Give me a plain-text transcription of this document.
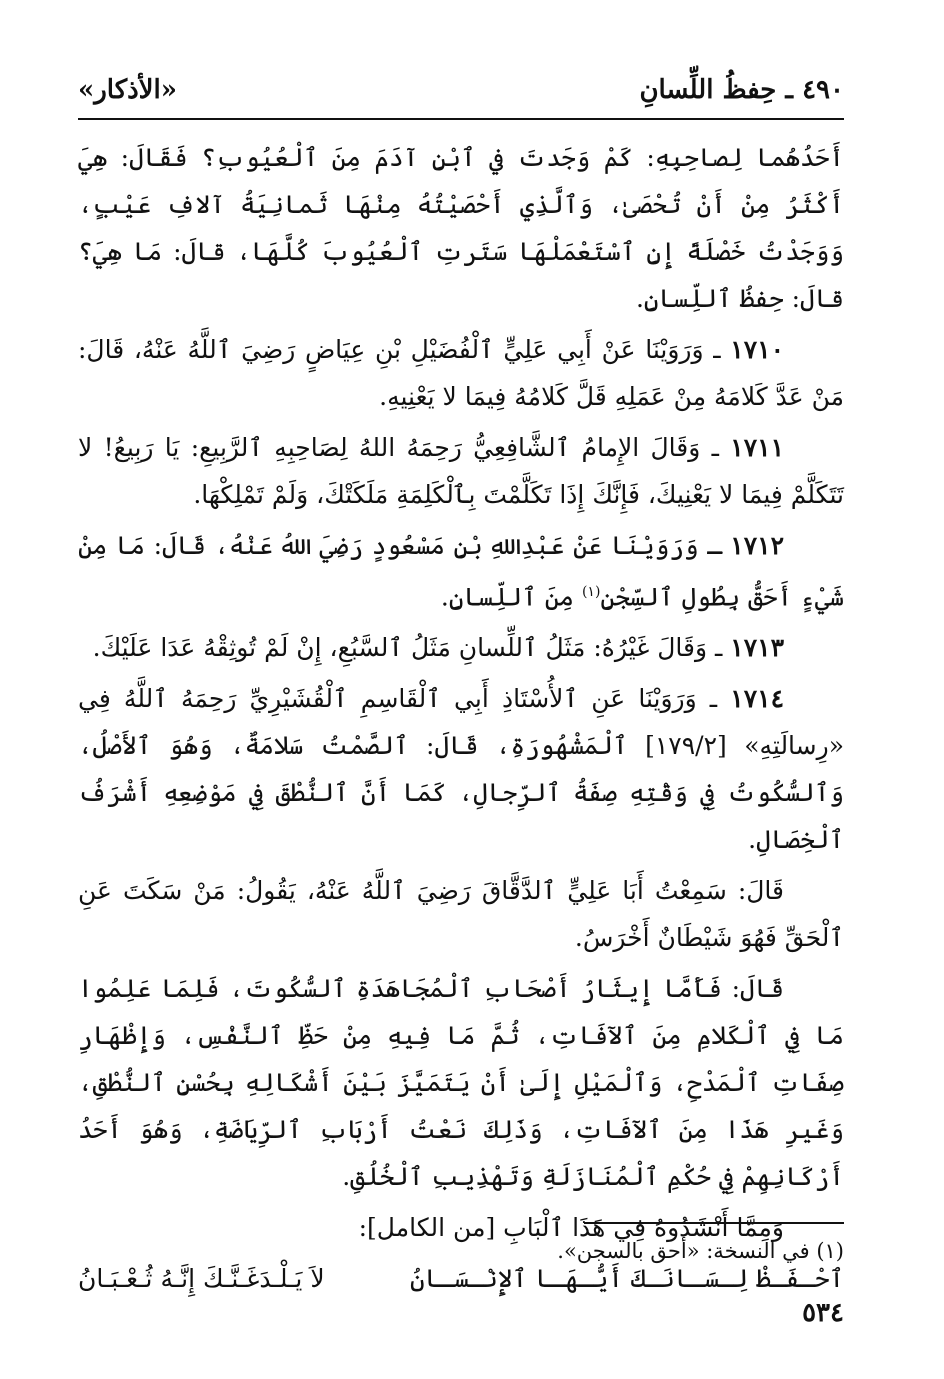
٤٩٠ ـ حِفظُ اللِّسانِ
«الأذكار»

أَحَدُهُما لِصاحِبِهِ: كَمْ وَجَدتَ في ٱبْنِ آدَمَ مِنَ ٱلْعُيُوبِ؟ فَقَالَ: هِيَ أَكْثَرُ مِنْ أَنْ تُحْصَىٰ، وَٱلَّذِي أَحْصَيْتُهُ مِنْهَا ثَمانِيَةُ آلافِ عَيْبٍ، وَوَجَدْتُ خَصْلَةً إِنِ ٱسْتَعْمَلْهَا سَتَرتِ ٱلْعُيُوبَ كُلَّهَا، قالَ: مَا هِيَ؟ قالَ: حِفظُ ٱللِّسانِ.

١٧١٠ ـ وَرَوَيْنَا عَنْ أَبِي عَلِيٍّ ٱلْفُضَيْلِ بْنِ عِيَاضٍ رَضِيَ ٱللَّهُ عَنْهُ، قَالَ: مَنْ عَدَّ كَلامَهُ مِنْ عَمَلِهِ قَلَّ كَلامُهُ فِيمَا لا يَعْنِيهِ.

١٧١١ ـ وَقَالَ الإِمامُ ٱلشَّافِعِيُّ رَحِمَهُ اللهُ لِصَاحِبِهِ ٱلرَّبِيعِ: يَا رَبِيعُ! لا تَتَكَلَّمْ فِيمَا لا يَعْنِيكَ، فَإِنَّكَ إِذَا تَكَلَّمْتَ بِٱلْكَلِمَةِ مَلَكَتْكَ، وَلَمْ تَمْلِكْهَا.

١٧١٢ ـ وَرَوَيْنَا عَنْ عَبْدِاللهِ بْنِ مَسْعُودٍ رَضِيَ اللهُ عَنْهُ، قَالَ: مَا مِنْ شَيْءٍ أَحَقُّ بِطُولِ ٱلسِّجْنِ$^{(١)}$ مِنَ ٱللِّسانِ.

١٧١٣ ـ وَقَالَ غَيْرُهُ: مَثَلُ ٱللِّسانِ مَثَلُ ٱلسَّبُعِ، إِنْ لَمْ تُوثِقْهُ عَدَا عَلَيْكَ.

١٧١٤ ـ وَرَوَيْنَا عَنِ ٱلأُسْتَاذِ أَبِي ٱلْقَاسِمِ ٱلْقُشَيْرِيِّ رَحِمَهُ ٱللَّهُ فِي «رِسالَتِهِ» [١٧٩/٢] ٱلْمَشْهُورَةِ، قَالَ: ٱلصَّمْتُ سَلامَةٌ، وَهُوَ ٱلأَصْلُ، وَٱلسُّكُوتُ فِي وَقْتِهِ صِفَةُ ٱلرِّجالِ، كَمَا أَنَّ ٱلنُّطْقَ فِي مَوْضِعِهِ أَشْرَفُ ٱلْخِصَالِ.

قَالَ: سَمِعْتُ أَبَا عَلِيٍّ ٱلدَّقَّاقَ رَضِيَ ٱللَّهُ عَنْهُ، يَقُولُ: مَنْ سَكَتَ عَنِ ٱلْحَقِّ فَهُوَ شَيْطَانٌ أَخْرَسُ.

قَالَ: فَأَمَّا إِيثَارُ أَصْحَابِ ٱلْمُجَاهَدَةِ ٱلسُّكُوتَ، فَلِمَا عَلِمُوا مَا فِي ٱلْكَلامِ مِنَ ٱلآفَاتِ، ثُمَّ مَا فِيهِ مِنْ حَظِّ ٱلنَّفْسِ، وَإِظْهَارِ صِفَاتِ ٱلْمَدْحِ، وَٱلْمَيْلِ إِلَىٰ أَنْ يَتَمَيَّزَ بَيْنَ أَشْكَالِهِ بِحُسْنِ ٱلنُّطْقِ، وَغَيرِ هَذَا مِنَ ٱلآفَاتِ، وَذَلِكَ نَعْتُ أَرْبَابِ ٱلرِّيَاضَةِ، وَهُوَ أَحَدُ أَرْكَانِهِمْ فِي حُكْمِ ٱلْمُنَازَلَةِ وَتَهْذِيبِ ٱلْخُلُقِ.

وَمِمَّا أَنْشَدُوهُ فِي هَذَا ٱلْبَابِ [من الكامل]:

ٱحْـفَـظْ لِـسَـانَـكَ أَيُّـهَـا ٱلإِنْـسَـانُ
لاَ يَـلْـدَغَـنَّـكَ إِنَّـهُ ثُـعْـبَـانُ
(١) في النسخة: «أحق بالسجن».
٥٣٤
